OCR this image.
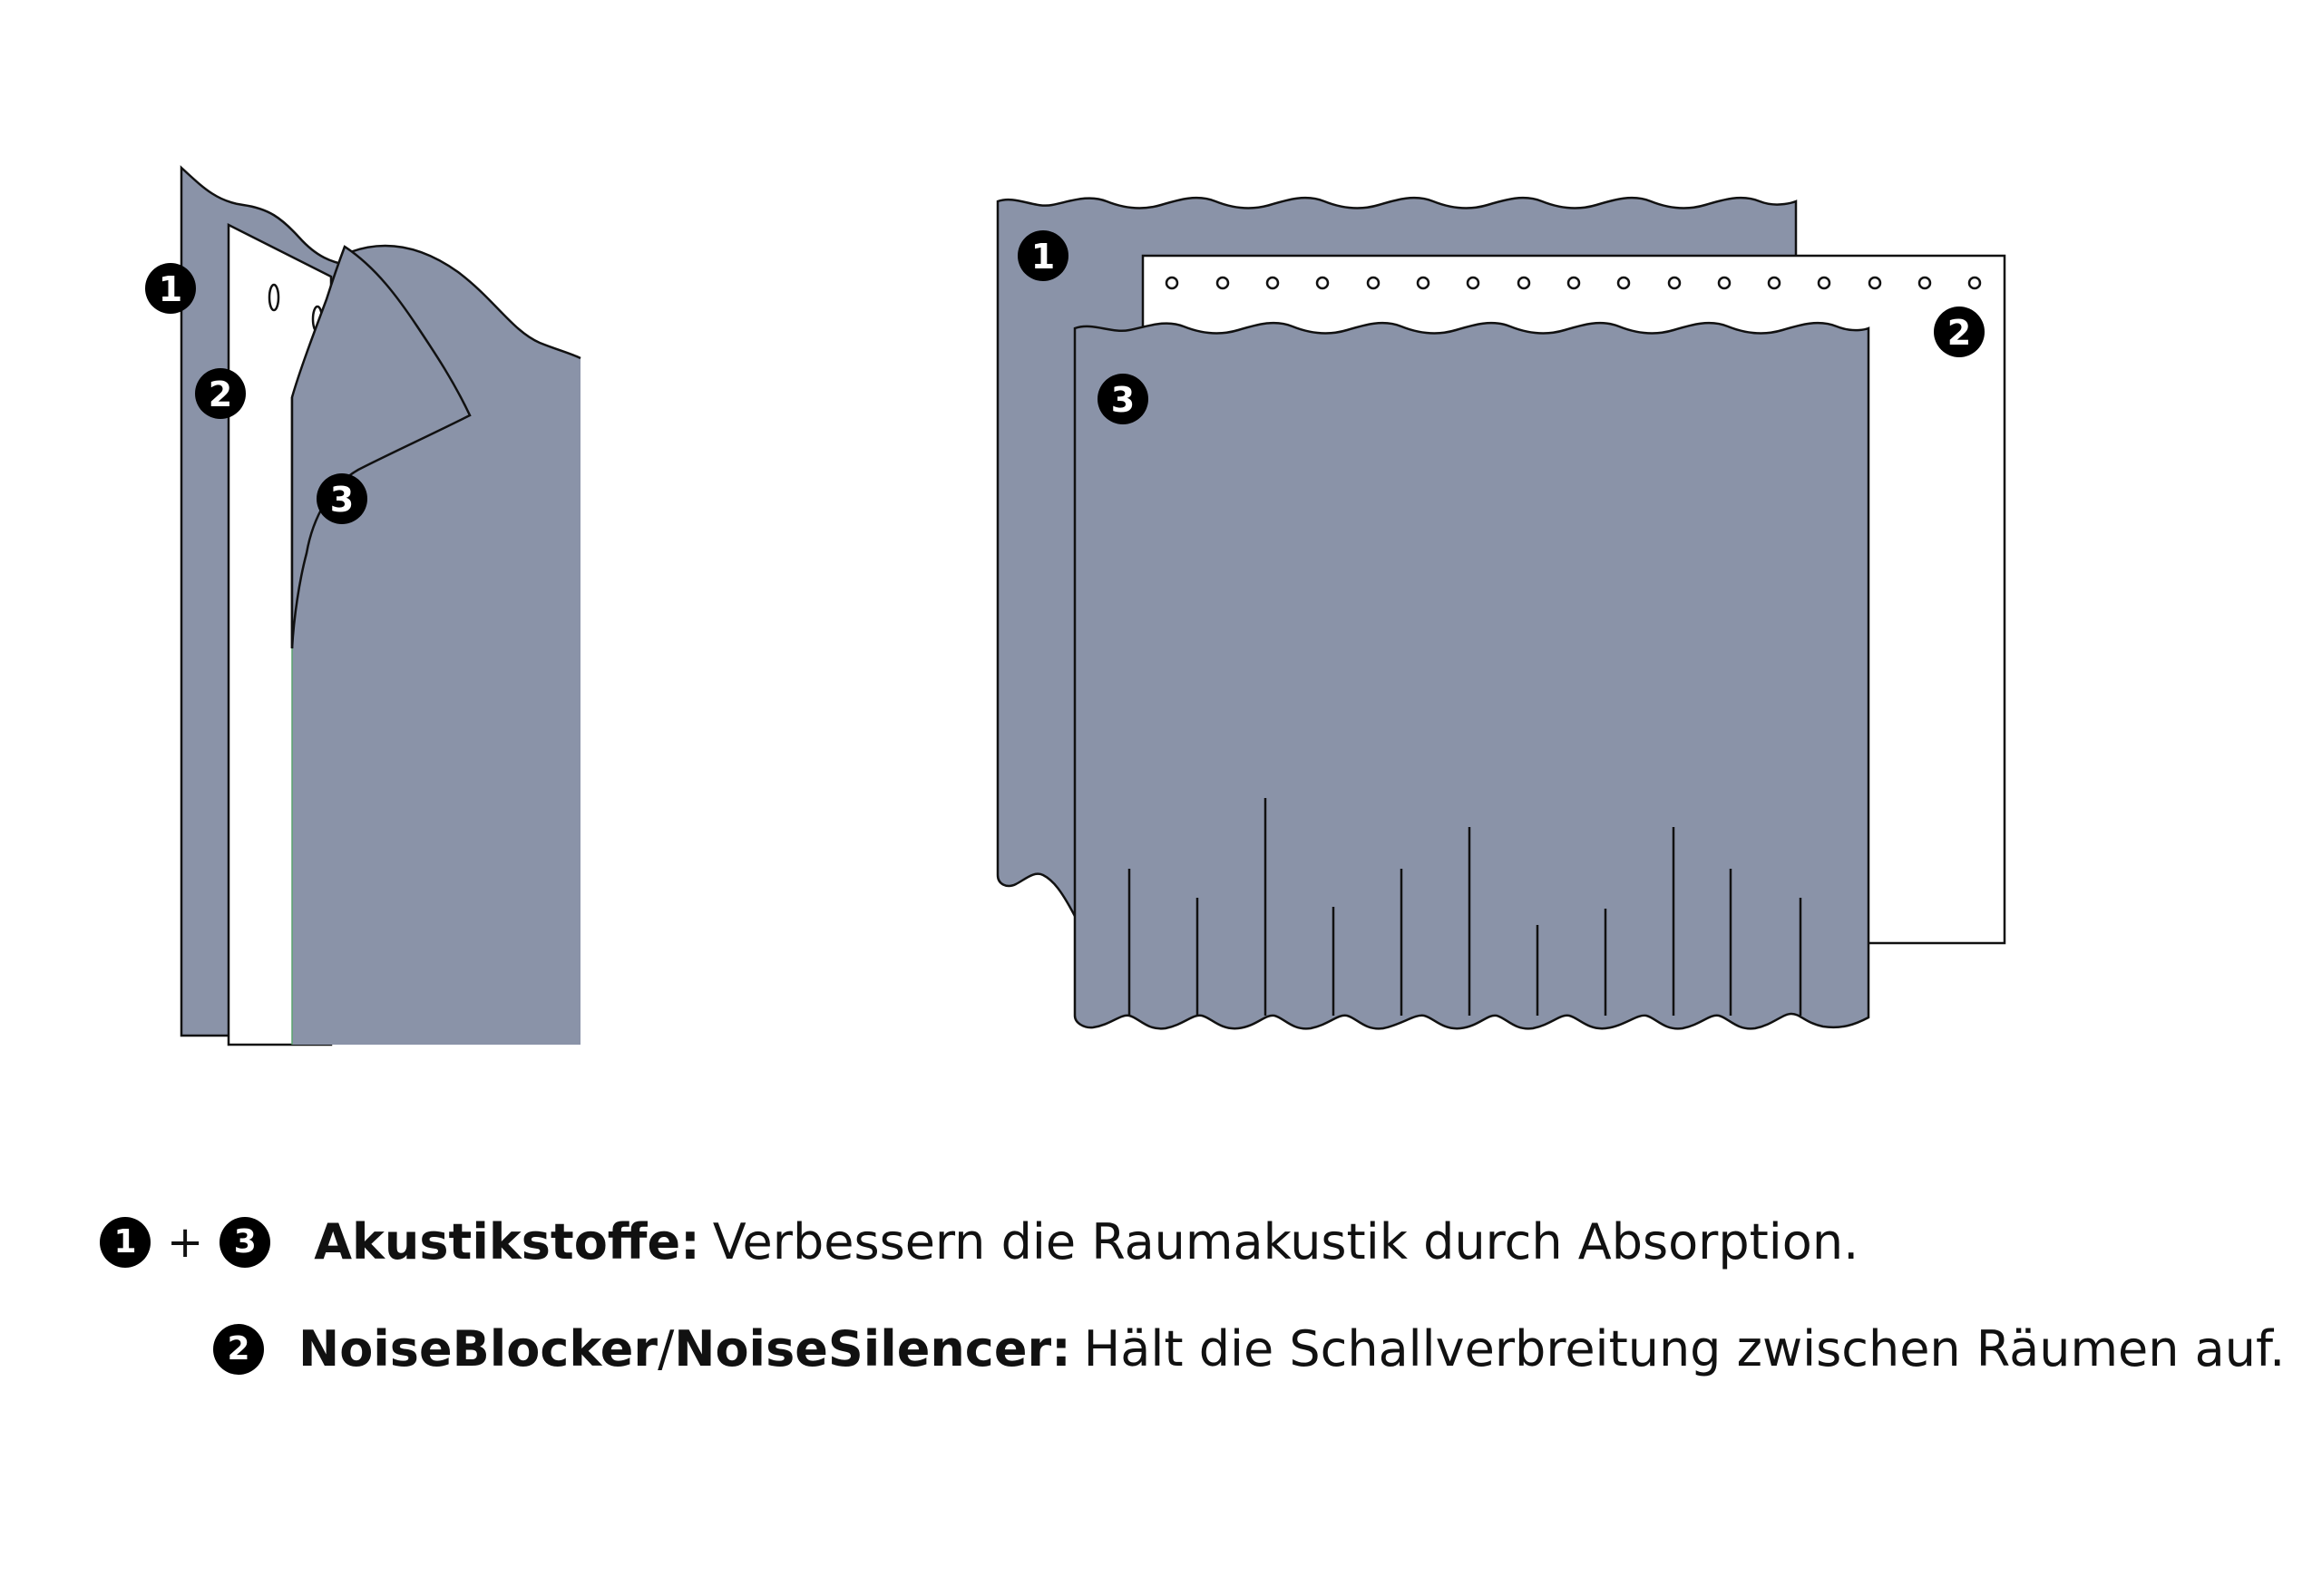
1
2
3
1
2
3
1 + 3 Akustikstoffe: Verbessern die Raumakustik durch Absorption.
2 NoiseBlocker / NoiseSilencer: Hält die Schallverbreitung zwischen Räumen auf.
